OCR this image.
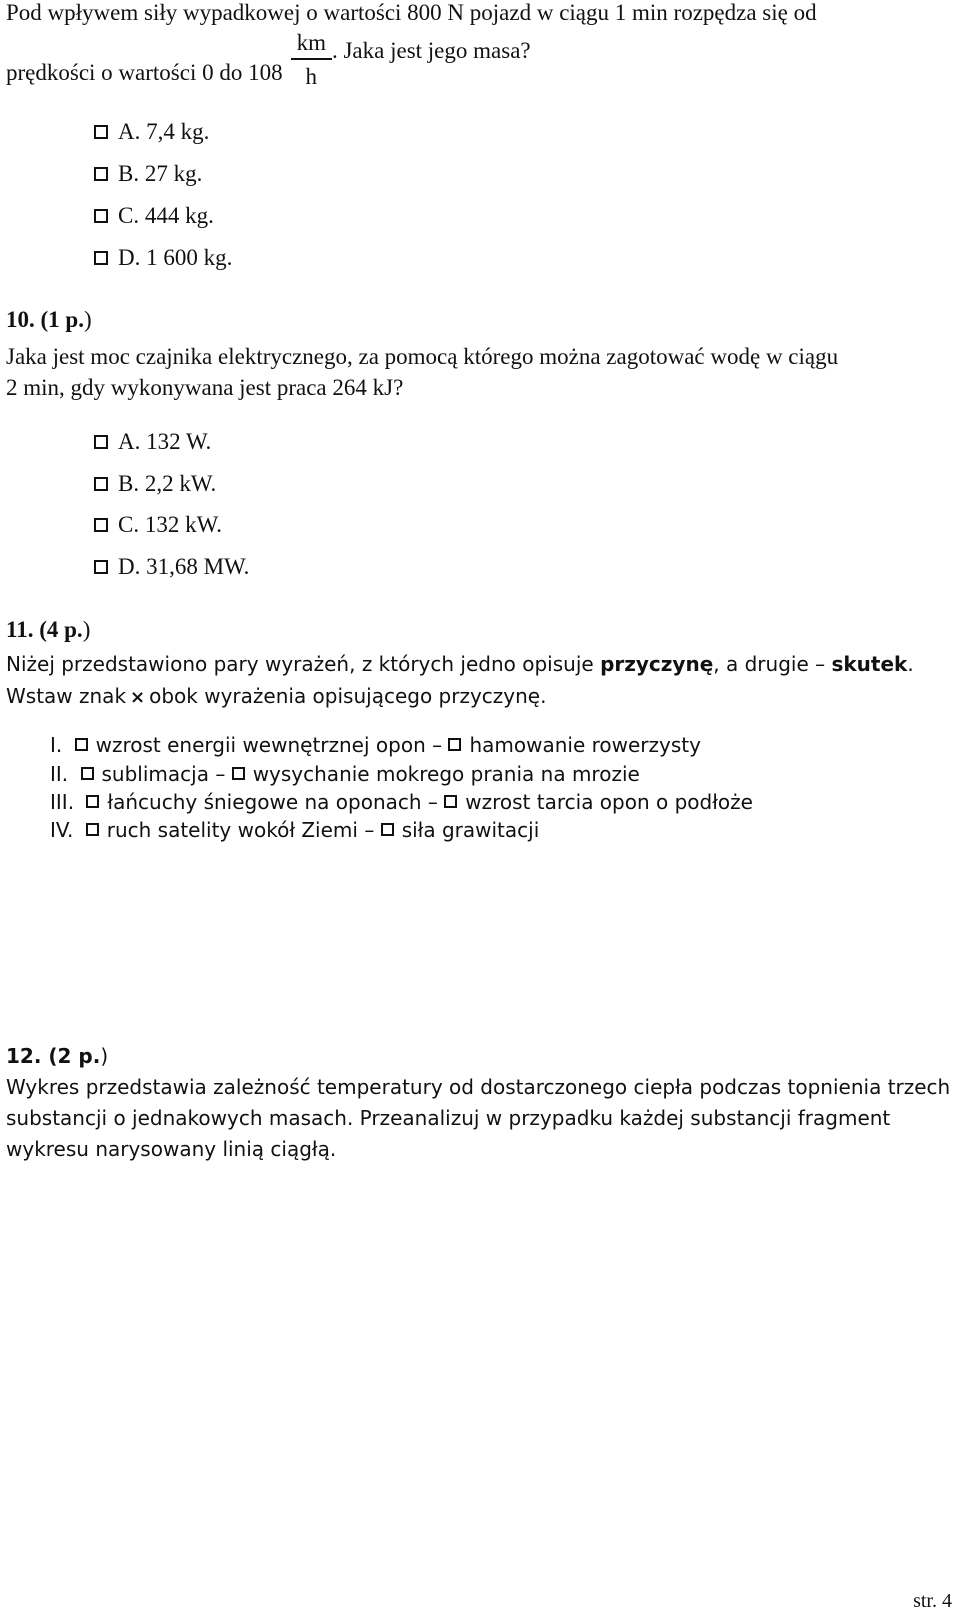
Pod wpływem siły wypadkowej o wartości 800 N pojazd w ciągu 1 min rozpędza się od
prędkości o wartości 0 do $108 \frac{km}{h}$ . Jaka jest jego masa?
A. 7,4 kg.
B. 27 kg.
C. 444 kg.
D. 1 600 kg.
10. (1 p.)
Jaka jest moc czajnika elektrycznego, za pomocą którego można zagotować wodę w ciągu
2 min, gdy wykonywana jest praca 264 kJ?
A. 132 W.
B. 2,2 kW.
C. 132 kW.
D. 31,68 MW.
11. (4 p.)
Niżej przedstawiono pary wyrażeń, z których jedno opisuje przyczynę, a drugie – skutek.
Wstaw znak × obok wyrażenia opisującego przyczynę.
I. wzrost energii wewnętrznej opon – hamowanie rowerzysty
II. sublimacja – wysychanie mokrego prania na mrozie
III. łańcuchy śniegowe na oponach – wzrost tarcia opon o podłoże
IV. ruch satelity wokół Ziemi – siła grawitacji
12. (2 p.)
Wykres przedstawia zależność temperatury od dostarczonego ciepła podczas topnienia trzech
substancji o jednakowych masach. Przeanalizuj w przypadku każdej substancji fragment
wykresu narysowany linią ciągłą.
str. 4
